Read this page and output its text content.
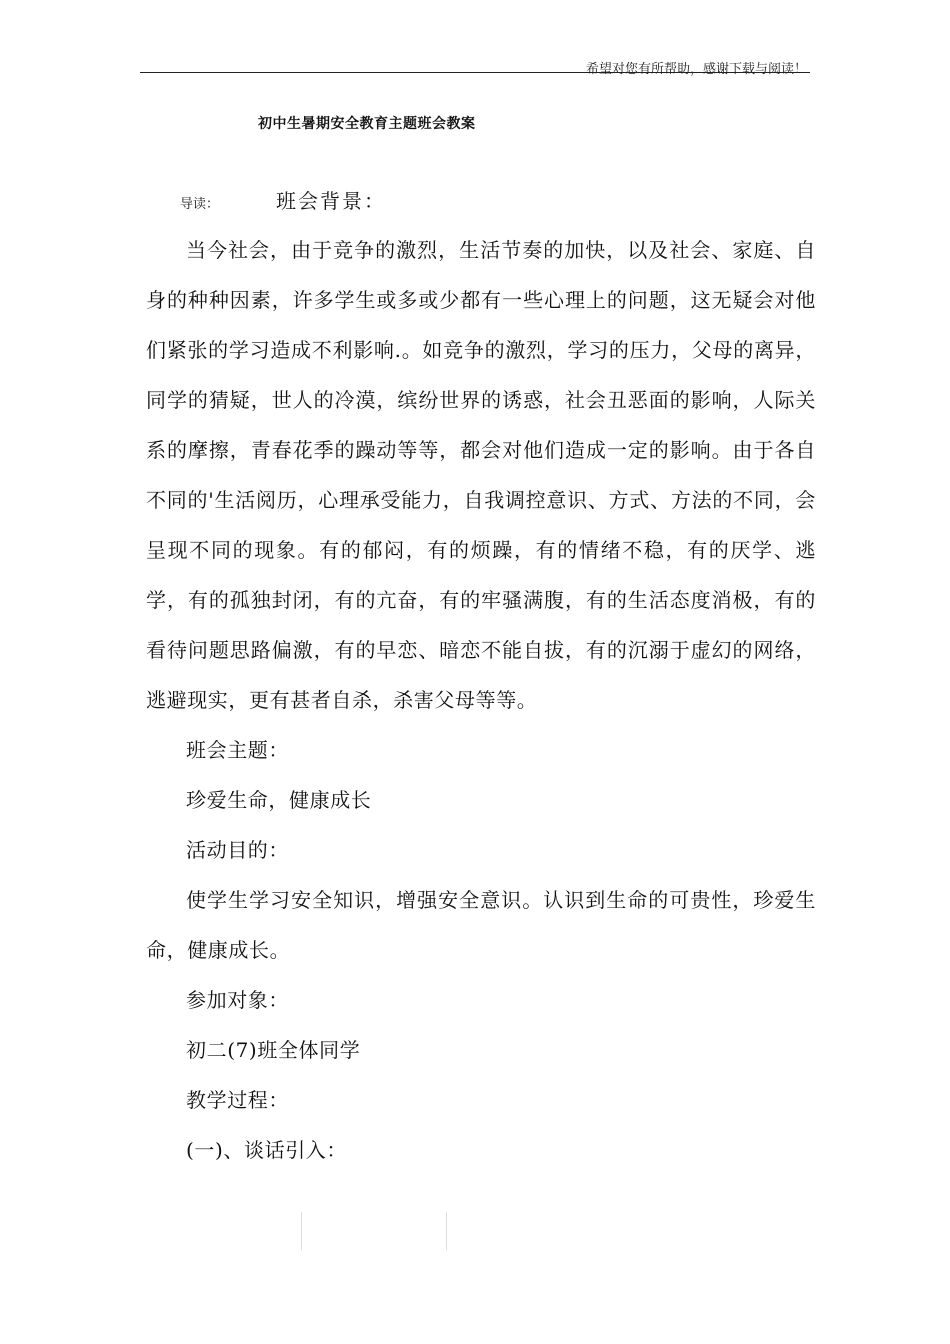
希望对您有所帮助，感谢下载与阅读！
初中生暑期安全教育主题班会教案
导读：	班会背景：

当今社会，由于竞争的激烈，生活节奏的加快，以及社会、家庭、自身的种种因素，许多学生或多或少都有一些心理上的问题，这无疑会对他们紧张的学习造成不利影响.。如竞争的激烈，学习的压力，父母的离异，同学的猜疑，世人的冷漠，缤纷世界的诱惑，社会丑恶面的影响，人际关系的摩擦，青春花季的躁动等等，都会对他们造成一定的影响。由于各自不同的'生活阅历，心理承受能力，自我调控意识、方式、方法的不同，会呈现不同的现象。有的郁闷，有的烦躁，有的情绪不稳，有的厌学、逃学，有的孤独封闭，有的亢奋，有的牢骚满腹，有的生活态度消极，有的看待问题思路偏激，有的早恋、暗恋不能自拔，有的沉溺于虚幻的网络，逃避现实，更有甚者自杀，杀害父母等等。

班会主题：

珍爱生命，健康成长

活动目的：

使学生学习安全知识，增强安全意识。认识到生命的可贵性，珍爱生命，健康成长。

参加对象：

初二(7)班全体同学

教学过程：

(一)、谈话引入：
